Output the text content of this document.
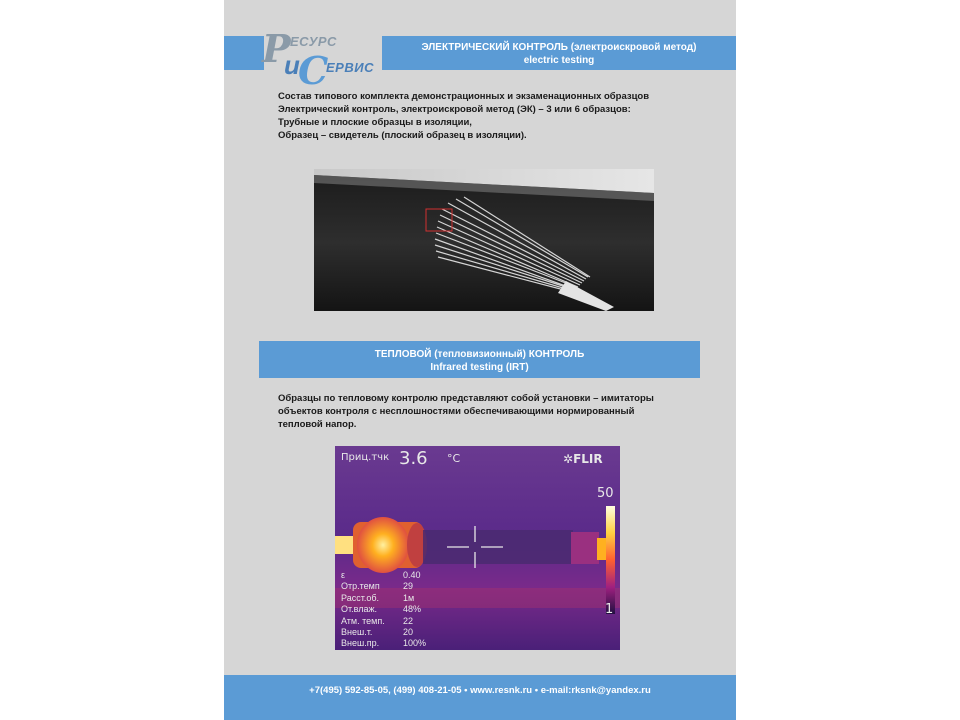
Р ЕСУРС
и
С
ЕРВИС
ЭЛЕКТРИЧЕСКИЙ КОНТРОЛЬ (электроискровой метод)
electric testing
Состав типового комплекта демонстрационных и экзаменационных образцов
Электрический контроль, электроискровой метод (ЭК) – 3 или 6 образцов:
Трубные и плоские образцы в изоляции,
Образец – свидетель (плоский образец в изоляции).
ТЕПЛОВОЙ (тепловизионный) КОНТРОЛЬ
Infrared testing (IRT)
Образцы по тепловому контролю представляют собой установки – имитаторы
объектов контроля с несплошностями обеспечивающими нормированный
тепловой напор.
Приц.тчк 3.6 °C	✲FLIR
50
1
ε	0.40
Отр.темп	29
Расст.об.	1м
От.влаж.	48%
Атм. темп.	22
Внеш.т.	20
Внеш.пр.	100%
+7(495) 592-85-05, (499) 408-21-05 • www.resnk.ru • e-mail:rksnk@yandex.ru
